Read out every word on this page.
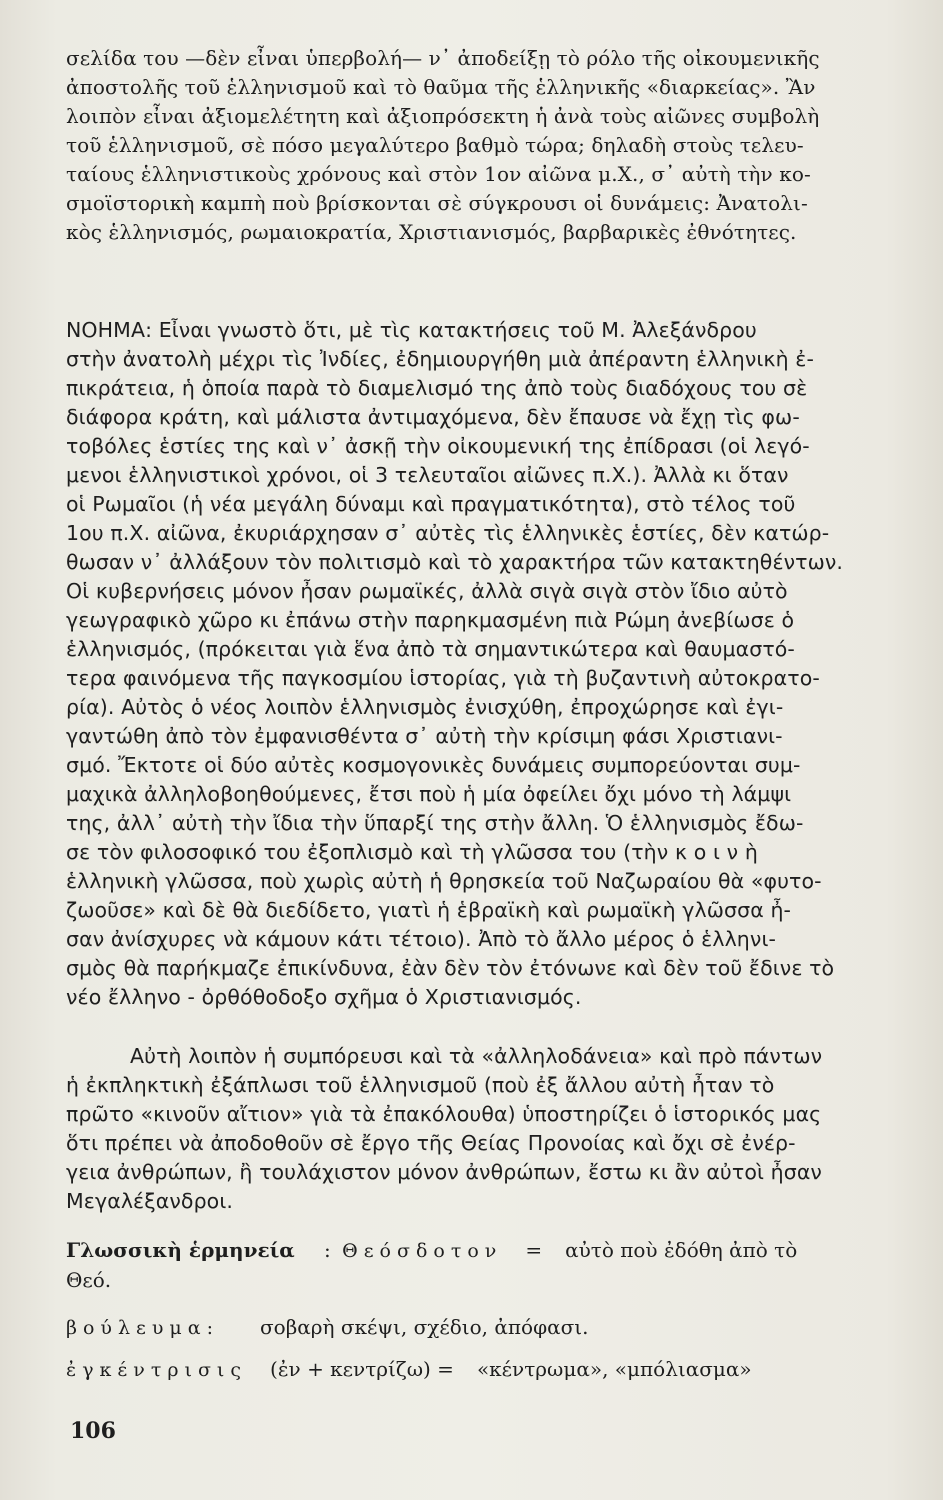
σελίδα του —δὲν εἶναι ὑπερβολή— ν᾿ ἀποδείξῃ τὸ ρόλο τῆς οἰκουμενικῆς
ἀποστολῆς τοῦ ἑλληνισμοῦ καὶ τὸ θαῦμα τῆς ἑλληνικῆς «διαρκείας». Ἂν
λοιπὸν εἶναι ἀξιομελέτητη καὶ ἀξιοπρόσεκτη ἡ ἀνὰ τοὺς αἰῶνες συμβολὴ
τοῦ ἑλληνισμοῦ, σὲ πόσο μεγαλύτερο βαθμὸ τώρα; δηλαδὴ στοὺς τελευ-
ταίους ἑλληνιστικοὺς χρόνους καὶ στὸν 1ον αἰῶνα μ.Χ., σ᾿ αὐτὴ τὴν κο-
σμοϊστορικὴ καμπὴ ποὺ βρίσκονται σὲ σύγκρουσι οἱ δυνάμεις: Ἀνατολι-
κὸς ἑλληνισμός, ρωμαιοκρατία, Χριστιανισμός, βαρβαρικὲς ἐθνότητες.
ΝΟΗΜΑ: Εἶναι γνωστὸ ὅτι, μὲ τὶς κατακτήσεις τοῦ Μ. Ἀλεξάνδρου
στὴν ἀνατολὴ μέχρι τὶς Ἰνδίες, ἐδημιουργήθη μιὰ ἀπέραντη ἑλληνικὴ ἐ-
πικράτεια, ἡ ὁποία παρὰ τὸ διαμελισμό της ἀπὸ τοὺς διαδόχους του σὲ
διάφορα κράτη, καὶ μάλιστα ἀντιμαχόμενα, δὲν ἔπαυσε νὰ ἔχῃ τὶς φω-
τοβόλες ἑστίες της καὶ ν᾿ ἀσκῇ τὴν οἰκουμενική της ἐπίδρασι (οἱ λεγό-
μενοι ἑλληνιστικοὶ χρόνοι, οἱ 3 τελευταῖοι αἰῶνες π.Χ.). Ἀλλὰ κι ὅταν
οἱ Ρωμαῖοι (ἡ νέα μεγάλη δύναμι καὶ πραγματικότητα), στὸ τέλος τοῦ
1ου π.Χ. αἰῶνα, ἐκυριάρχησαν σ᾿ αὐτὲς τὶς ἑλληνικὲς ἑστίες, δὲν κατώρ-
θωσαν ν᾿ ἀλλάξουν τὸν πολιτισμὸ καὶ τὸ χαρακτήρα τῶν κατακτηθέντων.
Οἱ κυβερνήσεις μόνον ἦσαν ρωμαϊκές, ἀλλὰ σιγὰ σιγὰ στὸν ἴδιο αὐτὸ
γεωγραφικὸ χῶρο κι ἐπάνω στὴν παρηκμασμένη πιὰ Ρώμη ἀνεβίωσε ὁ
ἑλληνισμός, (πρόκειται γιὰ ἕνα ἀπὸ τὰ σημαντικώτερα καὶ θαυμαστό-
τερα φαινόμενα τῆς παγκοσμίου ἱστορίας, γιὰ τὴ βυζαντινὴ αὐτοκρατο-
ρία). Αὐτὸς ὁ νέος λοιπὸν ἑλληνισμὸς ἐνισχύθη, ἐπροχώρησε καὶ ἐγι-
γαντώθη ἀπὸ τὸν ἐμφανισθέντα σ᾿ αὐτὴ τὴν κρίσιμη φάσι Χριστιανι-
σμό. Ἔκτοτε οἱ δύο αὐτὲς κοσμογονικὲς δυνάμεις συμπορεύονται συμ-
μαχικὰ ἀλληλοβοηθούμενες, ἔτσι ποὺ ἡ μία ὀφείλει ὄχι μόνο τὴ λάμψι
της, ἀλλ᾿ αὐτὴ τὴν ἴδια τὴν ὕπαρξί της στὴν ἄλλη. Ὁ ἑλληνισμὸς ἔδω-
σε τὸν φιλοσοφικό του ἐξοπλισμὸ καὶ τὴ γλῶσσα του (τὴν κ ο ι ν ὴ
ἑλληνικὴ γλῶσσα, ποὺ χωρὶς αὐτὴ ἡ θρησκεία τοῦ Ναζωραίου θὰ «φυτο-
ζωοῦσε» καὶ δὲ θὰ διεδίδετο, γιατὶ ἡ ἑβραϊκὴ καὶ ρωμαϊκὴ γλῶσσα ἦ-
σαν ἀνίσχυρες νὰ κάμουν κάτι τέτοιο). Ἀπὸ τὸ ἄλλο μέρος ὁ ἑλληνι-
σμὸς θὰ παρήκμαζε ἐπικίνδυνα, ἐὰν δὲν τὸν ἐτόνωνε καὶ δὲν τοῦ ἔδινε τὸ
νέο ἔλληνο - ὀρθόθοδοξο σχῆμα ὁ Χριστιανισμός.
Αὐτὴ λοιπὸν ἡ συμπόρευσι καὶ τὰ «ἀλληλοδάνεια» καὶ πρὸ πάντων
ἡ ἐκπληκτικὴ ἐξάπλωσι τοῦ ἑλληνισμοῦ (ποὺ ἐξ ἄλλου αὐτὴ ἦταν τὸ
πρῶτο «κινοῦν αἴτιον» γιὰ τὰ ἐπακόλουθα) ὑποστηρίζει ὁ ἱστορικός μας
ὅτι πρέπει νὰ ἀποδοθοῦν σὲ ἔργο τῆς Θείας Προνοίας καὶ ὄχι σὲ ἐνέρ-
γεια ἀνθρώπων, ἢ τουλάχιστον μόνον ἀνθρώπων, ἔστω κι ἂν αὐτοὶ ἦσαν
Μεγαλέξανδροι.
Γλωσσικὴ ἑρμηνεία  :  Θεόσδοτον = αὐτὸ ποὺ ἐδόθη ἀπὸ τὸ
Θεό.
βούλευμα: σοβαρὴ σκέψι, σχέδιο, ἀπόφασι.
ἐγκέντρισις (ἐν + κεντρίζω) = «κέντρωμα», «μπόλιασμα»
106
